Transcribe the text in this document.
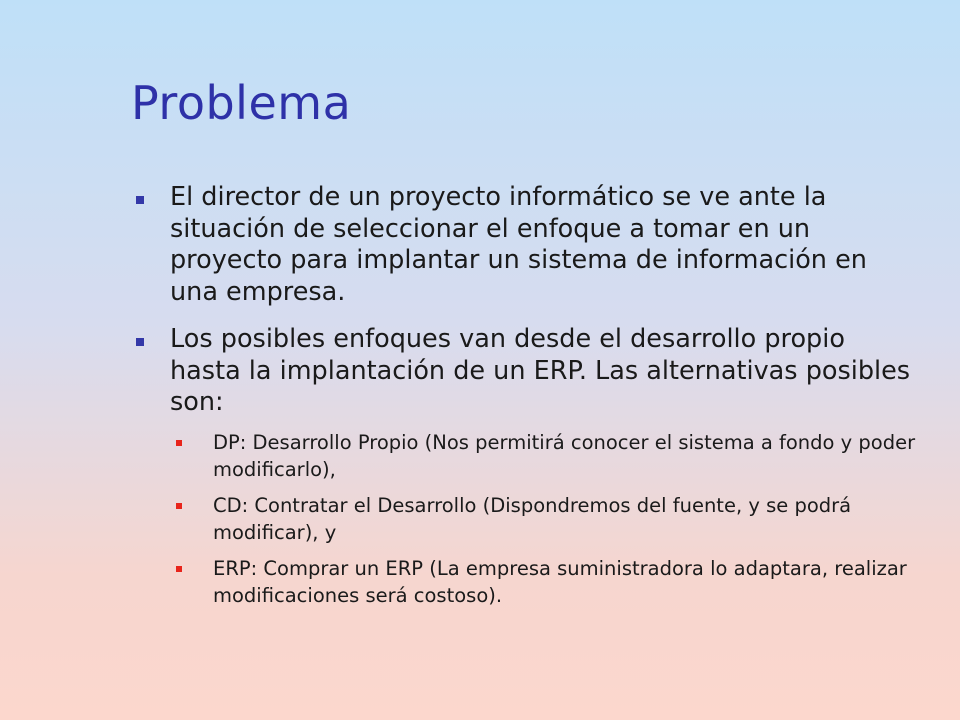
Problema
El director de un proyecto informático se ve ante la situación de seleccionar el enfoque a tomar en un proyecto para implantar un sistema de información en una empresa.
Los posibles enfoques van desde el desarrollo propio hasta la implantación de un ERP. Las alternativas posibles son:
DP: Desarrollo Propio (Nos permitirá conocer el sistema a fondo y poder modificarlo),
CD: Contratar el Desarrollo (Dispondremos del fuente, y se podrá modificar), y
ERP: Comprar un ERP (La empresa suministradora lo adaptara, realizar modificaciones será costoso).
